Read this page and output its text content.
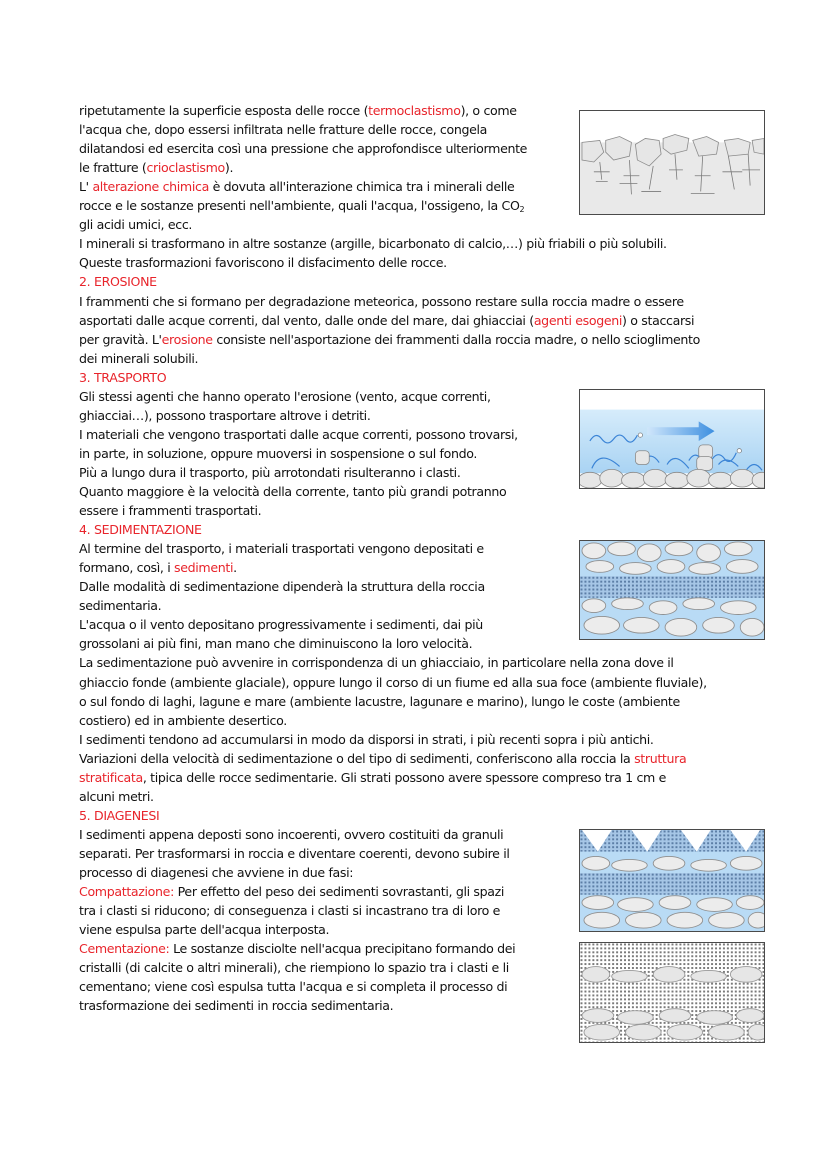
ripetutamente la superficie esposta delle rocce (termoclastismo), o come
l'acqua che, dopo essersi infiltrata nelle fratture delle rocce, congela
dilatandosi ed esercita così una pressione che approfondisce ulteriormente
le fratture (crioclastismo).
L' alterazione chimica è dovuta all'interazione chimica tra i minerali delle
rocce e le sostanze presenti nell'ambiente, quali l'acqua, l'ossigeno, la $CO_2$
gli acidi umici, ecc.
I minerali si trasformano in altre sostanze (argille, bicarbonato di calcio,…) più friabili o più solubili.
Queste trasformazioni favoriscono il disfacimento delle rocce.
2. EROSIONE
I frammenti che si formano per degradazione meteorica, possono restare sulla roccia madre o essere
asportati dalle acque correnti, dal vento, dalle onde del mare, dai ghiacciai (agenti esogeni) o staccarsi
per gravità. L'erosione consiste nell'asportazione dei frammenti dalla roccia madre, o nello scioglimento
dei minerali solubili.
3. TRASPORTO
Gli stessi agenti che hanno operato l'erosione (vento, acque correnti,
ghiacciai…), possono trasportare altrove i detriti.
I materiali che vengono trasportati dalle acque correnti, possono trovarsi,
in parte, in soluzione, oppure muoversi in sospensione o sul fondo.
Più a lungo dura il trasporto, più arrotondati risulteranno i clasti.
Quanto maggiore è la velocità della corrente, tanto più grandi potranno
essere i frammenti trasportati.
4. SEDIMENTAZIONE
Al termine del trasporto, i materiali trasportati vengono depositati e
formano, così, i sedimenti.
Dalle modalità di sedimentazione dipenderà la struttura della roccia
sedimentaria.
L'acqua o il vento depositano progressivamente i sedimenti, dai più
grossolani ai più fini, man mano che diminuiscono la loro velocità.
La sedimentazione può avvenire in corrispondenza di un ghiacciaio, in particolare nella zona dove il
ghiaccio fonde (ambiente glaciale), oppure lungo il corso di un fiume ed alla sua foce (ambiente fluviale),
o sul fondo di laghi, lagune e mare (ambiente lacustre, lagunare e marino), lungo le coste (ambiente
costiero) ed in ambiente desertico.
I sedimenti tendono ad accumularsi in modo da disporsi in strati, i più recenti sopra i più antichi.
Variazioni della velocità di sedimentazione o del tipo di sedimenti, conferiscono alla roccia la struttura
stratificata, tipica delle rocce sedimentarie. Gli strati possono avere spessore compreso tra 1 cm e
alcuni metri.
5. DIAGENESI
I sedimenti appena deposti sono incoerenti, ovvero costituiti da granuli
separati. Per trasformarsi in roccia e diventare coerenti, devono subire il
processo di diagenesi che avviene in due fasi:
Compattazione: Per effetto del peso dei sedimenti sovrastanti, gli spazi
tra i clasti si riducono; di conseguenza i clasti si incastrano tra di loro e
viene espulsa parte dell'acqua interposta.
Cementazione: Le sostanze disciolte nell'acqua precipitano formando dei
cristalli (di calcite o altri minerali), che riempiono lo spazio tra i clasti e li
cementano; viene così espulsa tutta l'acqua e si completa il processo di
trasformazione dei sedimenti in roccia sedimentaria.
